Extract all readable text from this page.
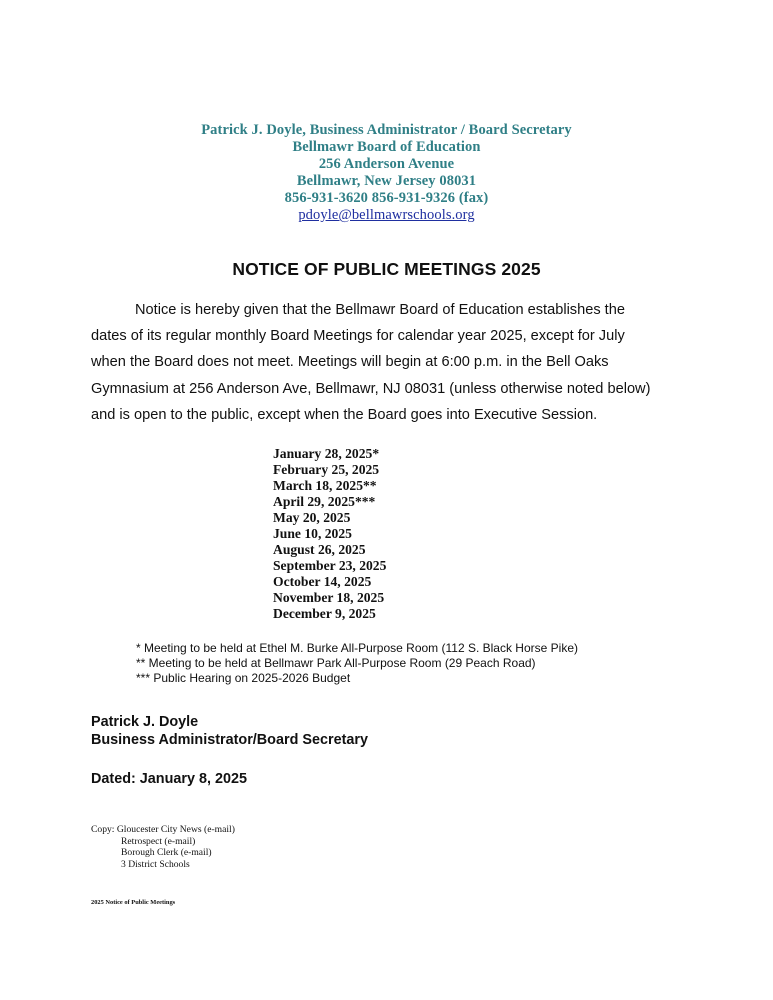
Patrick J. Doyle, Business Administrator / Board Secretary
Bellmawr Board of Education
256 Anderson Avenue
Bellmawr, New Jersey 08031
856-931-3620 856-931-9326 (fax)
pdoyle@bellmawrschools.org
NOTICE OF PUBLIC MEETINGS 2025
Notice is hereby given that the Bellmawr Board of Education establishes the
dates of its regular monthly Board Meetings for calendar year 2025, except for July
when the Board does not meet. Meetings will begin at 6:00 p.m. in the Bell Oaks
Gymnasium at 256 Anderson Ave, Bellmawr, NJ 08031 (unless otherwise noted below)
and is open to the public, except when the Board goes into Executive Session.
January 28, 2025*
February 25, 2025
March 18, 2025**
April 29, 2025***
May 20, 2025
June 10, 2025
August 26, 2025
September 23, 2025
October 14, 2025
November 18, 2025
December 9, 2025
* Meeting to be held at Ethel M. Burke All-Purpose Room (112 S. Black Horse Pike)
** Meeting to be held at Bellmawr Park All-Purpose Room (29 Peach Road)
*** Public Hearing on 2025-2026 Budget
Patrick J. Doyle
Business Administrator/Board Secretary
Dated: January 8, 2025
Copy: Gloucester City News (e-mail)
Retrospect (e-mail)
Borough Clerk (e-mail)
3 District Schools
2025 Notice of Public Meetings
